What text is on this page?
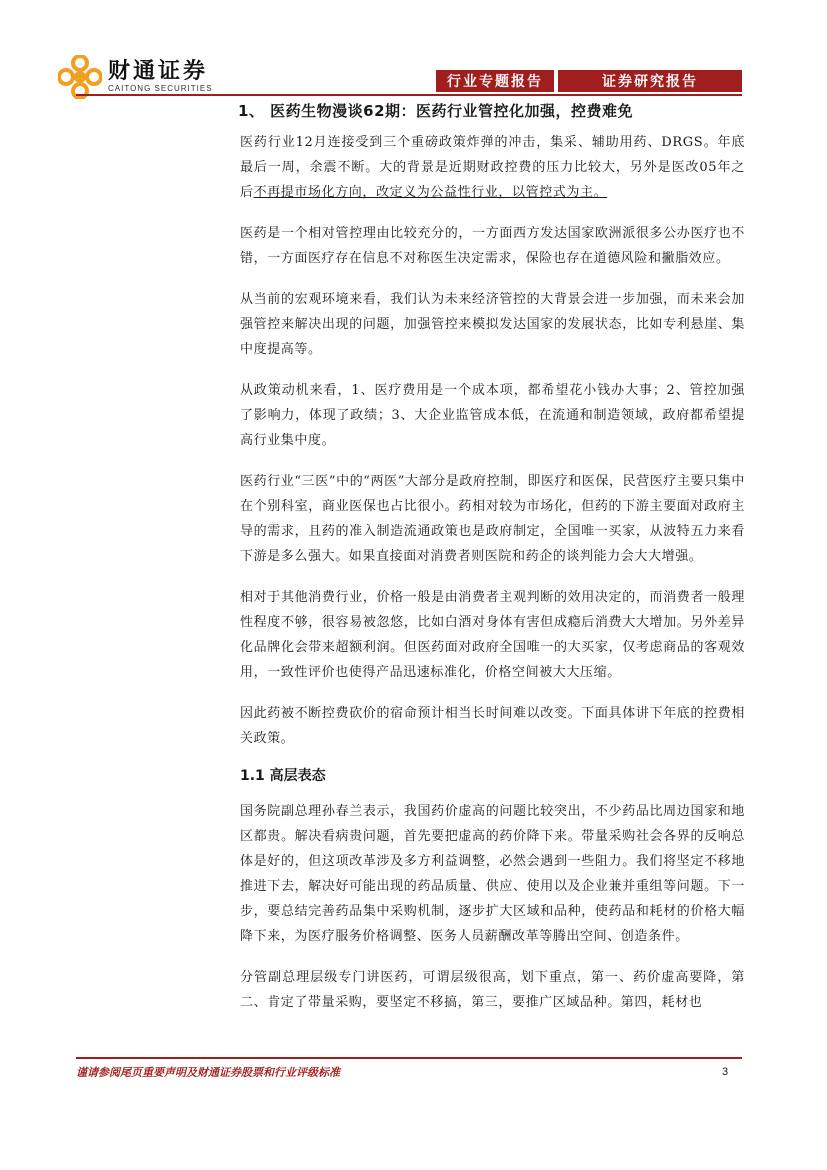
财通证券
CAITONG SECURITIES	行业专题报告	证券研究报告
1、 医药生物漫谈62期：医药行业管控化加强，控费难免

医药行业12月连接受到三个重磅政策炸弹的冲击，集采、辅助用药、DRGS。年底最后一周，余震不断。大的背景是近期财政控费的压力比较大，另外是医改05年之后不再提市场化方向，改定义为公益性行业，以管控式为主。

医药是一个相对管控理由比较充分的，一方面西方发达国家欧洲派很多公办医疗也不错，一方面医疗存在信息不对称医生决定需求，保险也存在道德风险和撇脂效应。

从当前的宏观环境来看，我们认为未来经济管控的大背景会进一步加强，而未来会加强管控来解决出现的问题，加强管控来模拟发达国家的发展状态，比如专利悬崖、集中度提高等。

从政策动机来看，1、医疗费用是一个成本项，都希望花小钱办大事；2、管控加强了影响力，体现了政绩；3、大企业监管成本低，在流通和制造领域，政府都希望提高行业集中度。

医药行业“三医”中的“两医”大部分是政府控制，即医疗和医保，民营医疗主要只集中在个别科室，商业医保也占比很小。药相对较为市场化，但药的下游主要面对政府主导的需求，且药的准入制造流通政策也是政府制定，全国唯一买家，从波特五力来看下游是多么强大。如果直接面对消费者则医院和药企的谈判能力会大大增强。

相对于其他消费行业，价格一般是由消费者主观判断的效用决定的，而消费者一般理性程度不够，很容易被忽悠，比如白酒对身体有害但成瘾后消费大大增加。另外差异化品牌化会带来超额利润。但医药面对政府全国唯一的大买家，仅考虑商品的客观效用，一致性评价也使得产品迅速标准化，价格空间被大大压缩。

因此药被不断控费砍价的宿命预计相当长时间难以改变。下面具体讲下年底的控费相关政策。

1.1 高层表态

国务院副总理孙春兰表示，我国药价虚高的问题比较突出，不少药品比周边国家和地区都贵。解决看病贵问题，首先要把虚高的药价降下来。带量采购社会各界的反响总体是好的，但这项改革涉及多方利益调整，必然会遇到一些阻力。我们将坚定不移地推进下去，解决好可能出现的药品质量、供应、使用以及企业兼并重组等问题。下一步，要总结完善药品集中采购机制，逐步扩大区域和品种，使药品和耗材的价格大幅降下来，为医疗服务价格调整、医务人员薪酬改革等腾出空间、创造条件。

分管副总理层级专门讲医药，可谓层级很高，划下重点，第一、药价虚高要降，第二、肯定了带量采购，要坚定不移搞，第三，要推广区域品种。第四，耗材也

谨请参阅尾页重要声明及财通证券股票和行业评级标准	3
